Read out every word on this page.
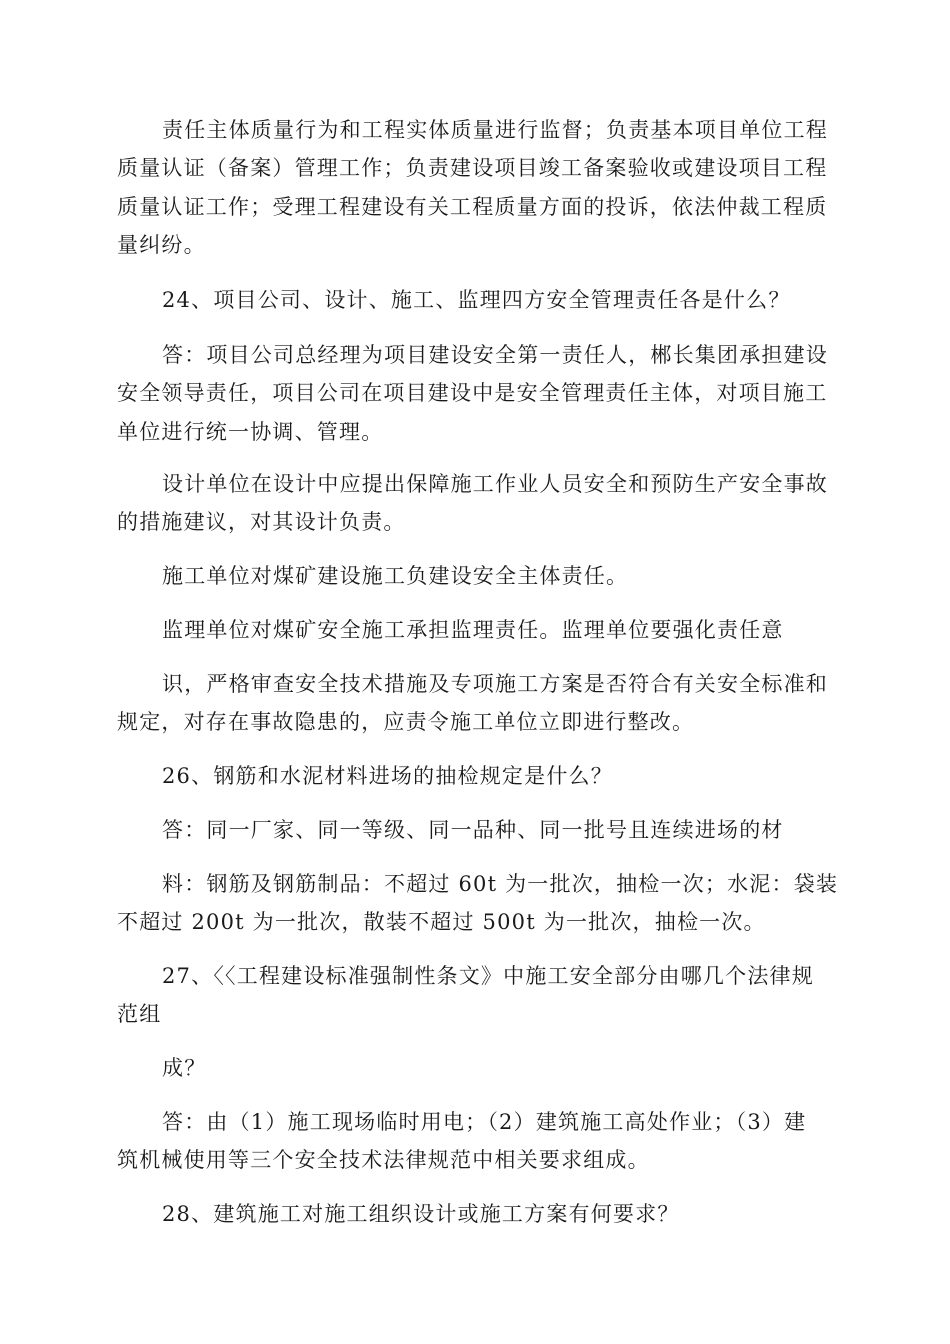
责任主体质量行为和工程实体质量进行监督；负责基本项目单位工程
质量认证（备案）管理工作；负责建设项目竣工备案验收或建设项目工程
质量认证工作；受理工程建设有关工程质量方面的投诉，依法仲裁工程质
量纠纷。
24、项目公司、设计、施工、监理四方安全管理责任各是什么？
答：项目公司总经理为项目建设安全第一责任人，郴长集团承担建设
安全领导责任，项目公司在项目建设中是安全管理责任主体，对项目施工
单位进行统一协调、管理。
设计单位在设计中应提出保障施工作业人员安全和预防生产安全事故
的措施建议，对其设计负责。
施工单位对煤矿建设施工负建设安全主体责任。
监理单位对煤矿安全施工承担监理责任。监理单位要强化责任意
识，严格审查安全技术措施及专项施工方案是否符合有关安全标准和
规定，对存在事故隐患的，应责令施工单位立即进行整改。
26、钢筋和水泥材料进场的抽检规定是什么？
答：同一厂家、同一等级、同一品种、同一批号且连续进场的材
料：钢筋及钢筋制品：不超过 60t 为一批次，抽检一次；水泥：袋装
不超过 200t 为一批次，散装不超过 500t 为一批次，抽检一次。
27、〈〈工程建设标准强制性条文》中施工安全部分由哪几个法律规
范组
成？
答：由（1）施工现场临时用电；（2）建筑施工高处作业；（3）建
筑机械使用等三个安全技术法律规范中相关要求组成。
28、建筑施工对施工组织设计或施工方案有何要求？
